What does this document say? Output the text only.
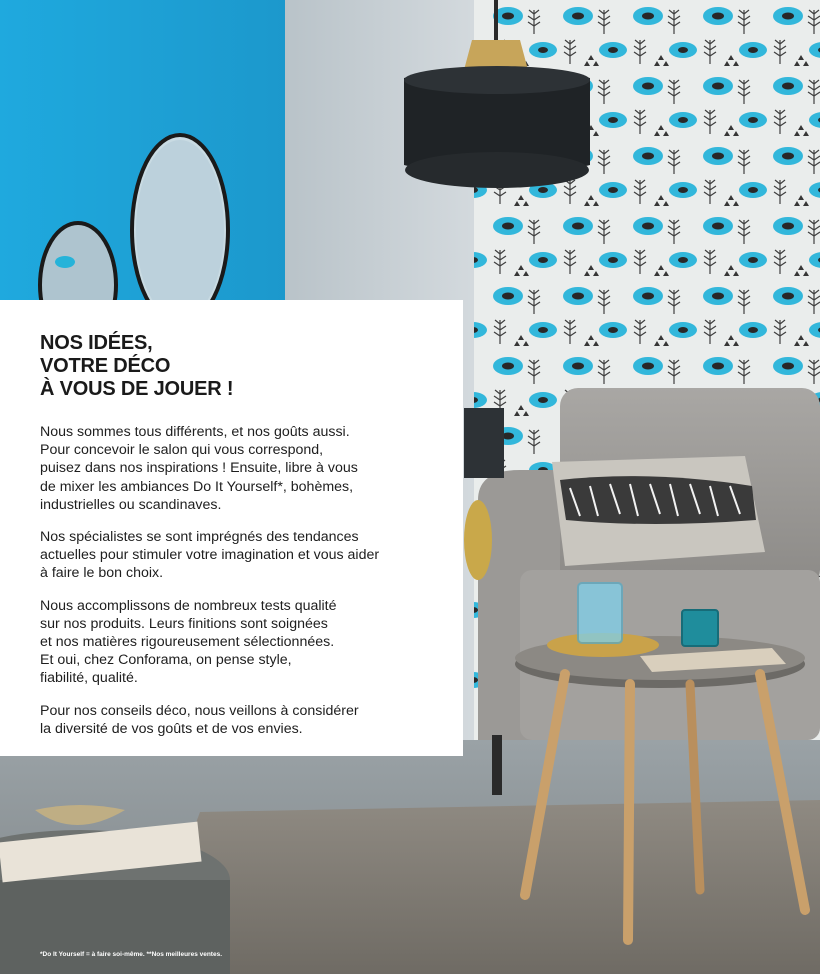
NOS IDÉES,
VOTRE DÉCO
À VOUS DE JOUER !

Nous sommes tous différents, et nos goûts aussi.
Pour concevoir le salon qui vous correspond,
puisez dans nos inspirations ! Ensuite, libre à vous
de mixer les ambiances Do It Yourself*, bohèmes,
industrielles ou scandinaves.

Nos spécialistes se sont imprégnés des tendances
actuelles pour stimuler votre imagination et vous aider
à faire le bon choix.

Nous accomplissons de nombreux tests qualité
sur nos produits. Leurs finitions sont soignées
et nos matières rigoureusement sélectionnées.
Et oui, chez Conforama, on pense style,
fiabilité, qualité.

Pour nos conseils déco, nous veillons à considérer
la diversité de vos goûts et de vos envies.

*Do It Yourself = à faire soi-même. **Nos meilleures ventes.
